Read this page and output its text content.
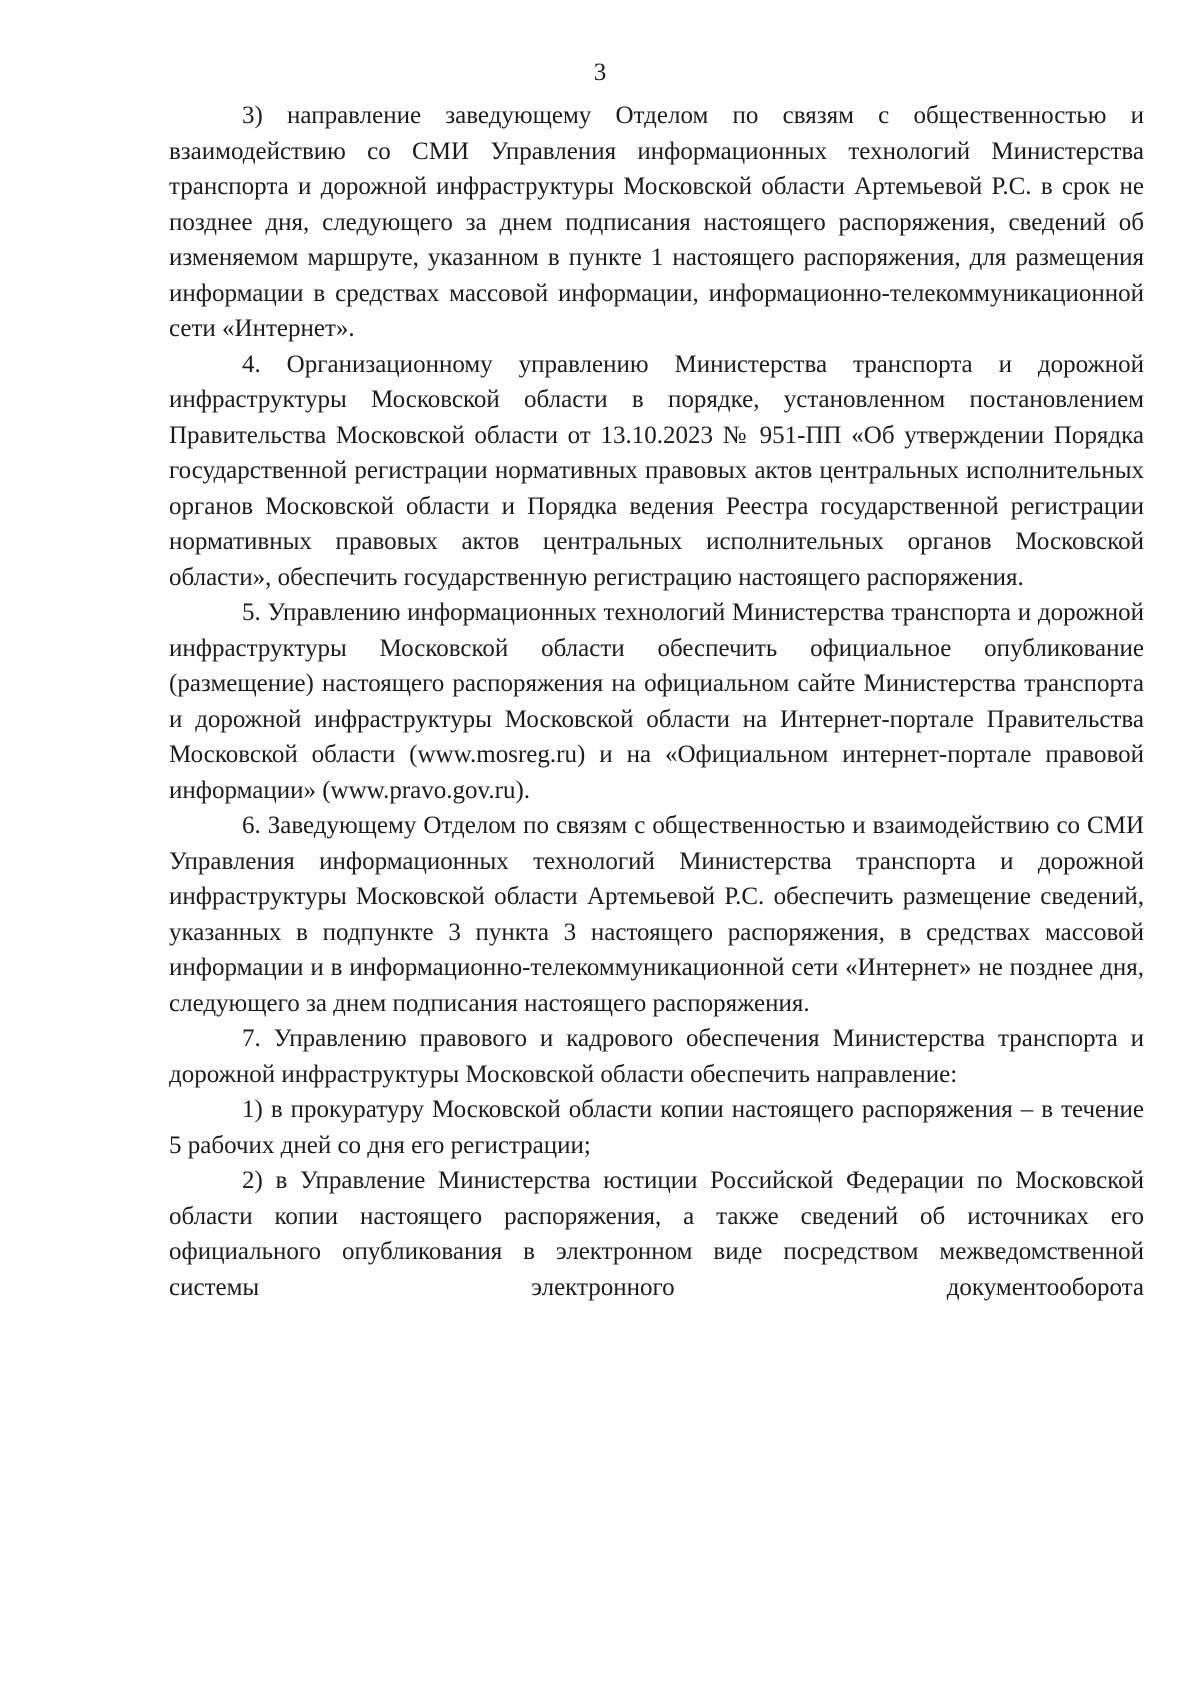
3

3) направление заведующему Отделом по связям с общественностью и взаимодействию со СМИ Управления информационных технологий Министерства транспорта и дорожной инфраструктуры Московской области Артемьевой Р.С. в срок не позднее дня, следующего за днем подписания настоящего распоряжения, сведений об изменяемом маршруте, указанном в пункте 1 настоящего распоряжения, для размещения информации в средствах массовой информации, информационно-телекоммуникационной сети «Интернет».

4. Организационному управлению Министерства транспорта и дорожной инфраструктуры Московской области в порядке, установленном постановлением Правительства Московской области от 13.10.2023 № 951-ПП «Об утверждении Порядка государственной регистрации нормативных правовых актов центральных исполнительных органов Московской области и Порядка ведения Реестра государственной регистрации нормативных правовых актов центральных исполнительных органов Московской области», обеспечить государственную регистрацию настоящего распоряжения.

5. Управлению информационных технологий Министерства транспорта и дорожной инфраструктуры Московской области обеспечить официальное опубликование (размещение) настоящего распоряжения на официальном сайте Министерства транспорта и дорожной инфраструктуры Московской области на Интернет-портале Правительства Московской области (www.mosreg.ru) и на «Официальном интернет-портале правовой информации» (www.pravo.gov.ru).

6. Заведующему Отделом по связям с общественностью и взаимодействию со СМИ Управления информационных технологий Министерства транспорта и дорожной инфраструктуры Московской области Артемьевой Р.С. обеспечить размещение сведений, указанных в подпункте 3 пункта 3 настоящего распоряжения, в средствах массовой информации и в информационно-телекоммуникационной сети «Интернет» не позднее дня, следующего за днем подписания настоящего распоряжения.

7. Управлению правового и кадрового обеспечения Министерства транспорта и дорожной инфраструктуры Московской области обеспечить направление:

1) в прокуратуру Московской области копии настоящего распоряжения – в течение 5 рабочих дней со дня его регистрации;

2) в Управление Министерства юстиции Российской Федерации по Московской области копии настоящего распоряжения, а также сведений об источниках его официального опубликования в электронном виде посредством межведомственной системы электронного документооборота
